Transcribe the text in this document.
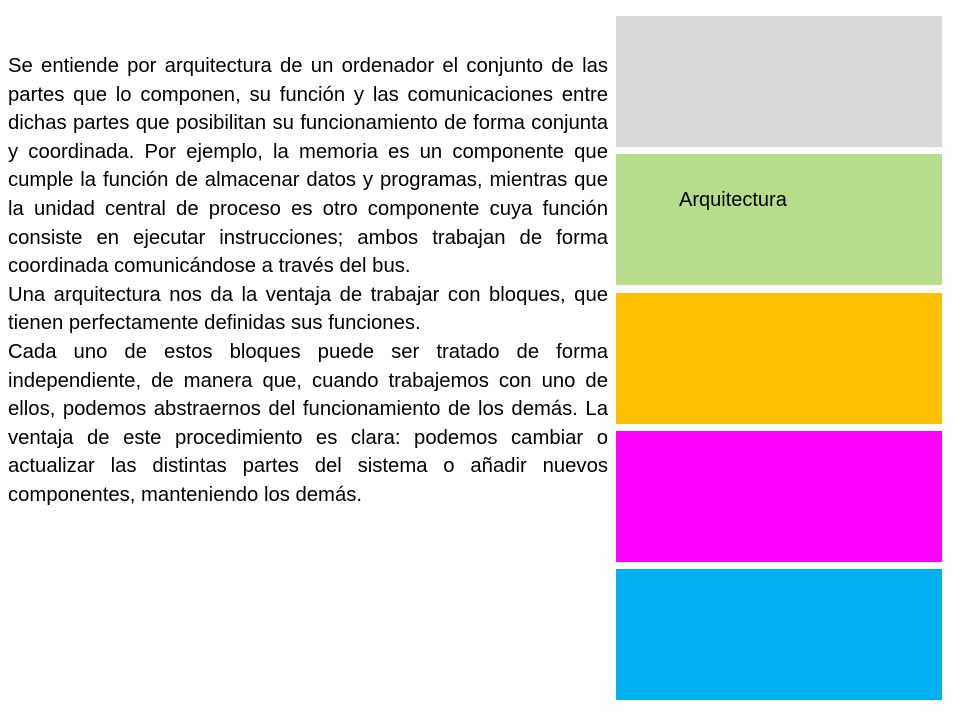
Se entiende por arquitectura de un ordenador el conjunto de las partes que lo componen, su función y las comunicaciones entre dichas partes que posibilitan su funcionamiento de forma conjunta y coordinada. Por ejemplo, la memoria es un componente que cumple la función de almacenar datos y programas, mientras que la unidad central de proceso es otro componente cuya función consiste en ejecutar instrucciones; ambos trabajan de forma coordinada comunicándose a través del bus.

Una arquitectura nos da la ventaja de trabajar con bloques, que tienen perfectamente definidas sus funciones.

Cada uno de estos bloques puede ser tratado de forma independiente, de manera que, cuando trabajemos con uno de ellos, podemos abstraernos del funcionamiento de los demás. La ventaja de este procedimiento es clara: podemos cambiar o actualizar las distintas partes del sistema o añadir nuevos componentes, manteniendo los demás.

Arquitectura
